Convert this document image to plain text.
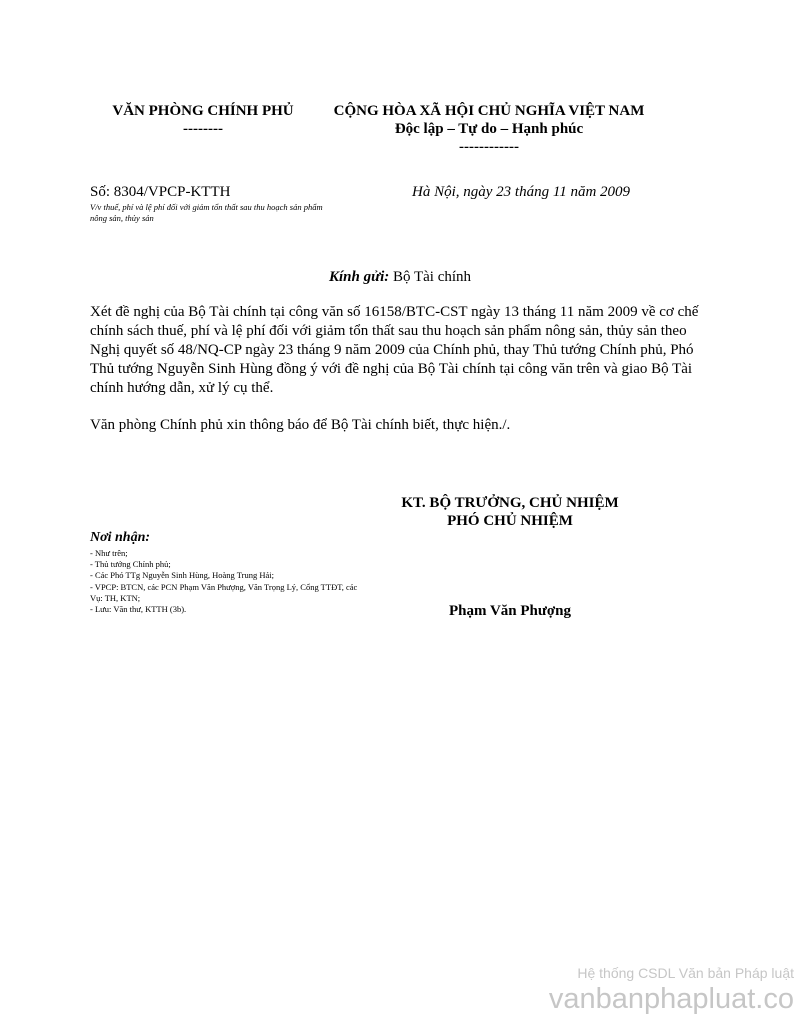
VĂN PHÒNG CHÍNH PHỦ
--------
CỘNG HÒA XÃ HỘI CHỦ NGHĨA VIỆT NAM
Độc lập – Tự do – Hạnh phúc
------------
Số: 8304/VPCP-KTTH
V/v thuế, phí và lệ phí đối với giảm tổn thất sau thu hoạch sản phẩm nông sản, thủy sản
Hà Nội, ngày 23 tháng 11 năm 2009
Kính gửi: Bộ Tài chính
Xét đề nghị của Bộ Tài chính tại công văn số 16158/BTC-CST ngày 13 tháng 11 năm 2009 về cơ chế chính sách thuế, phí và lệ phí đối với giảm tổn thất sau thu hoạch sản phẩm nông sản, thủy sản theo Nghị quyết số 48/NQ-CP ngày 23 tháng 9 năm 2009 của Chính phủ, thay Thủ tướng Chính phủ, Phó Thủ tướng Nguyễn Sinh Hùng đồng ý với đề nghị của Bộ Tài chính tại công văn trên và giao Bộ Tài chính hướng dẫn, xử lý cụ thể.
Văn phòng Chính phủ xin thông báo để Bộ Tài chính biết, thực hiện./.
KT. BỘ TRƯỞNG, CHỦ NHIỆM
PHÓ CHỦ NHIỆM
Phạm Văn Phượng
Nơi nhận:
- Như trên;
- Thủ tướng Chính phủ;
- Các Phó TTg Nguyễn Sinh Hùng, Hoàng Trung Hải;
- VPCP: BTCN, các PCN Phạm Văn Phượng, Văn Trọng Lý, Cổng TTĐT, các Vụ: TH, KTN;
- Lưu: Văn thư, KTTH (3b).
Hệ thống CSDL Văn bản Pháp luật
vanbanphapluat.co
